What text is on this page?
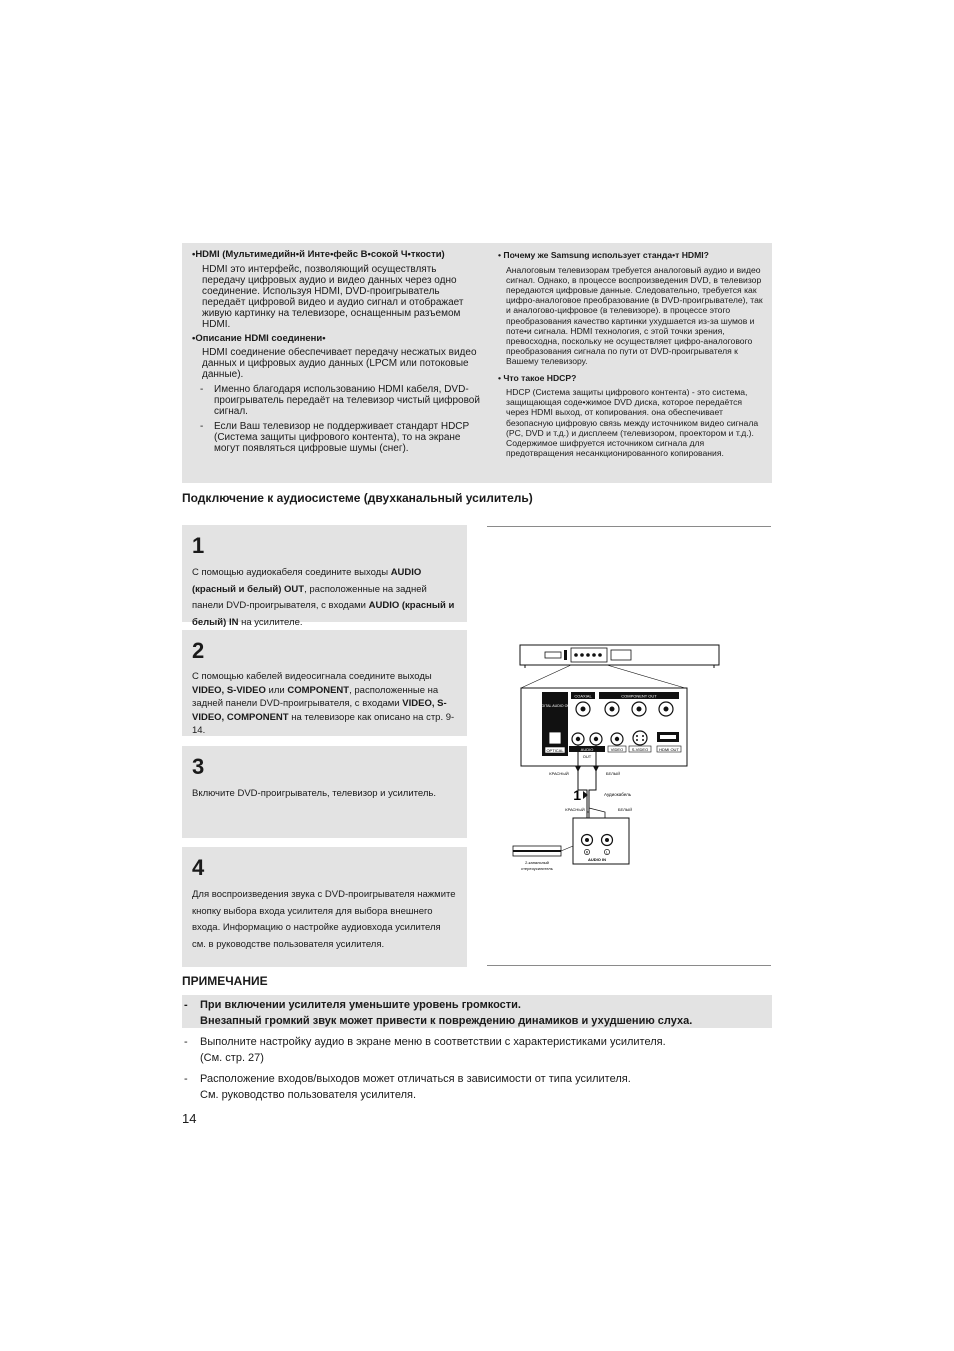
•HDMI (Мультимедийн•й Инте•фейс В•сокой Ч•ткости)
HDMI это интерфейс, позволяющий осуществлять передачу цифровых аудио и видео данных через одно соединение. Используя HDMI, DVD-проигрыватель передаёт цифровой видео и аудио сигнал и отображает живую картинку на телевизоре, оснащенным разъемом HDMI.
•Описание HDMI соединени•
HDMI соединение обеспечивает передачу несжатых видео данных и цифровых аудио данных (LPCM или потоковые данные).
-	Именно благодаря использованию HDMI кабеля, DVD-проигрыватель передаёт на телевизор чистый цифровой сигнал.
-	Если Ваш телевизор не поддерживает стандарт HDCP (Система защиты цифрового контента), то на экране могут появляться цифровые шумы (снег).
• Почему же Samsung использует станда•т HDMI?
Аналоговым телевизорам требуется аналоговый аудио и видео сигнал. Однако, в процессе воспроизведения DVD, в телевизор передаются цифровые данные. Следовательно, требуется как цифро-аналоговое преобразование (в DVD-проигрывателе), так и аналогово-цифровое (в телевизоре). в процессе этого преобразования качество картинки ухудшается из-за шумов и поте•и сигнала. HDMI технология, с этой точки зрения, превосходна, поскольку не осуществляет цифро-аналогового преобразования сигнала по пути от DVD-проигрывателя к Вашему телевизору.
• Что такое HDCP?
HDCP (Система защиты цифрового контента) - это система, защищающая соде•жимое DVD диска, которое передаётся через HDMI выход, от копирования. она обеспечивает безопасную цифровую связь между источником видео сигнала (PC, DVD и т.д.) и дисплеем (телевизором, проектором и т.д.). Содержимое шифруется источником сигнала для предотвращения несанкционированного копирования.
Подключение к аудиосистеме (двухканальный усилитель)
1
С помощью аудиокабеля соедините выходы AUDIO (красный и белый) OUT, расположенные на задней панели DVD-проигрывателя, с входами AUDIO (красный и белый) IN на усилителе.
2
С помощью кабелей видеосигнала соедините выходы VIDEO, S-VIDEO или COMPONENT, расположенные на задней панели DVD-проигрывателя, с входами VIDEO, S-VIDEO, COMPONENT на телевизоре как описано на стр. 9-14.
3
Включите DVD-проигрыватель, телевизор и усилитель.
4
Для воспроизведения звука с DVD-проигрывателя нажмите кнопку выбора входа усилителя для выбора внешнего входа. Информацию о настройке аудиовхода усилителя см. в руководстве пользователя усилителя.
DIGITAL AUDIO OUT
OPTICAL
COAXIAL	COMPONENT OUT
AUDIO
OUT
VIDEO S-VIDEO	HDMI OUT
КРАСНЫЙ	БЕЛЫЙ
1	Аудиокабель
КРАСНЫЙ	БЕЛЫЙ
R	L
AUDIO IN
2-канальный
стереоусилитель
ПРИМЕЧАНИЕ
-	При включении усилителя уменьшите уровень громкости.
Внезапный громкий звук может привести к повреждению динамиков и ухудшению слуха.
-	Выполните настройку аудио в экране меню в соответствии с характеристиками усилителя.
(См. стр. 27)
-	Расположение входов/выходов может отличаться в зависимости от типа усилителя.
См. руководство пользователя усилителя.
14
